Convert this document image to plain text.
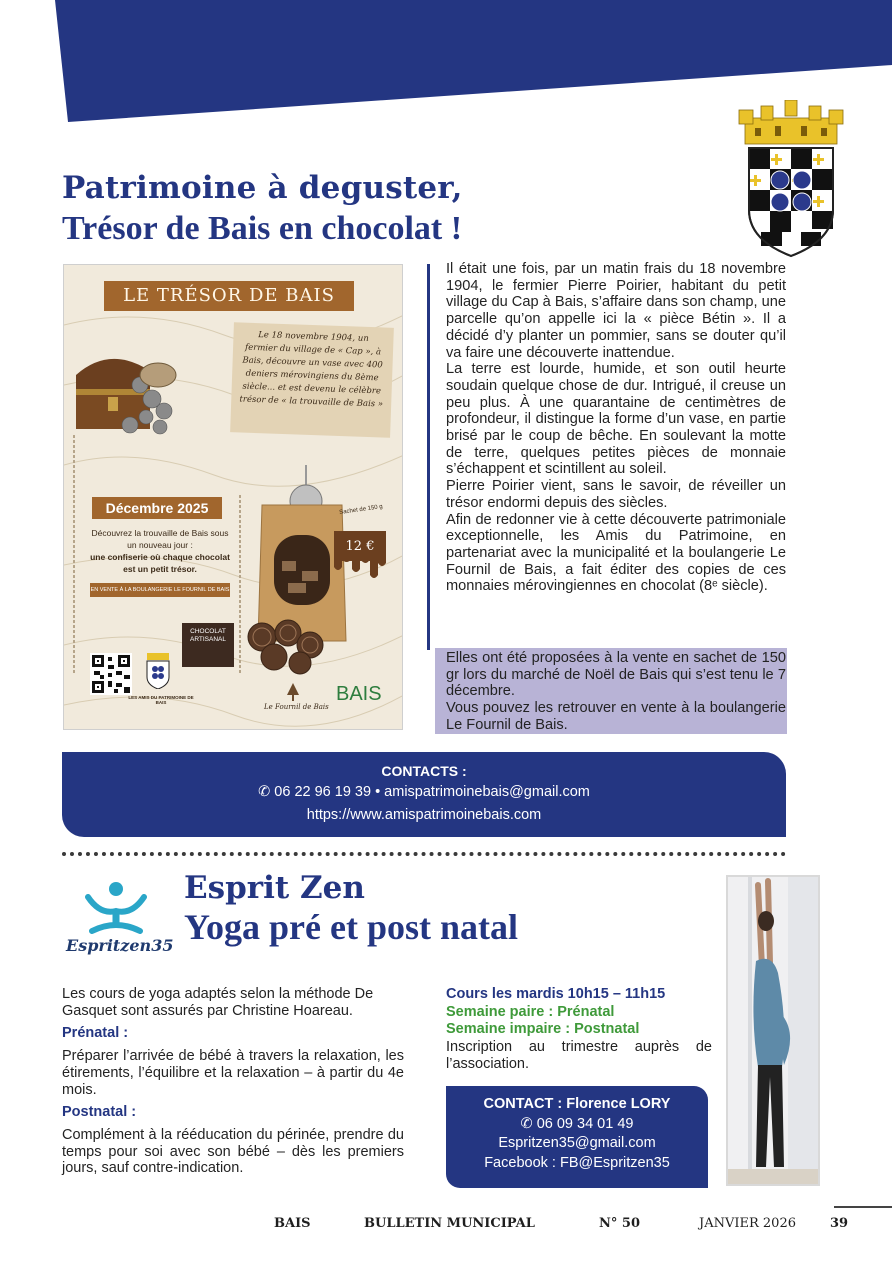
Patrimoine à deguster,
Trésor de Bais en chocolat !
LE TRÉSOR DE BAIS
Le 18 novembre 1904, un fermier du village de « Cap », à Bais, découvre un vase avec 400 deniers mérovingiens du 8ème siècle... et est devenu le célèbre trésor de « la trouvaille de Bais »
Décembre 2025
Découvrez la trouvaille de Bais sous un nouveau jour :
une confiserie où chaque chocolat est un petit trésor.
EN VENTE À LA BOULANGERIE LE FOURNIL DE BAIS
Sachet de 150 g
12 €
CHOCOLAT ARTISANAL
LES AMIS DU PATRIMOINE DE BAIS
Le Fournil de Bais
BAIS

Il était une fois, par un matin frais du 18 novembre 1904, le fermier Pierre Poirier, habitant du petit village du Cap à Bais, s’affaire dans son champ, une parcelle qu’on appelle ici la « pièce Bétin ». Il a décidé d’y planter un pommier, sans se douter qu’il va faire une découverte inattendue.

La terre est lourde, humide, et son outil heurte soudain quelque chose de dur. Intrigué, il creuse un peu plus. À une quarantaine de centimètres de profondeur, il distingue la forme d’un vase, en partie brisé par le coup de bêche. En soulevant la motte de terre, quelques petites pièces de monnaie s’échappent et scintillent au soleil.

Pierre Poirier vient, sans le savoir, de réveiller un trésor endormi depuis des siècles.

Afin de redonner vie à cette découverte patrimoniale exceptionnelle, les Amis du Patrimoine, en partenariat avec la municipalité et la boulangerie Le Fournil de Bais, a fait éditer des copies de ces monnaies mérovingiennes en chocolat (8ᵉ siècle).

Elles ont été proposées à la vente en sachet de 150 gr lors du marché de Noël de Bais qui s’est tenu le 7 décembre.

Vous pouvez les retrouver en vente à la boulangerie Le Fournil de Bais.

CONTACTS :
✆ 06 22 96 19 39 • amispatrimoinebais@gmail.com
https://www.amispatrimoinebais.com
Espritzen35
Esprit Zen
Yoga pré et post natal

Les cours de yoga adaptés selon la méthode De Gasquet sont assurés par Christine Hoareau.

Prénatal :

Préparer l’arrivée de bébé à travers la relaxation, les étirements, l’équilibre et la relaxation – à partir du 4e mois.

Postnatal :

Complément à la rééducation du périnée, prendre du temps pour soi avec son bébé – dès les premiers jours, sauf contre-indication.

Cours les mardis 10h15 – 11h15

Semaine paire : Prénatal

Semaine impaire : Postnatal

Inscription au trimestre auprès de l’association.

CONTACT : Florence LORY
✆ 06 09 34 01 49
Espritzen35@gmail.com
Facebook : FB@Espritzen35
BAIS	BULLETIN MUNICIPAL	N° 50	JANVIER 2026	39
